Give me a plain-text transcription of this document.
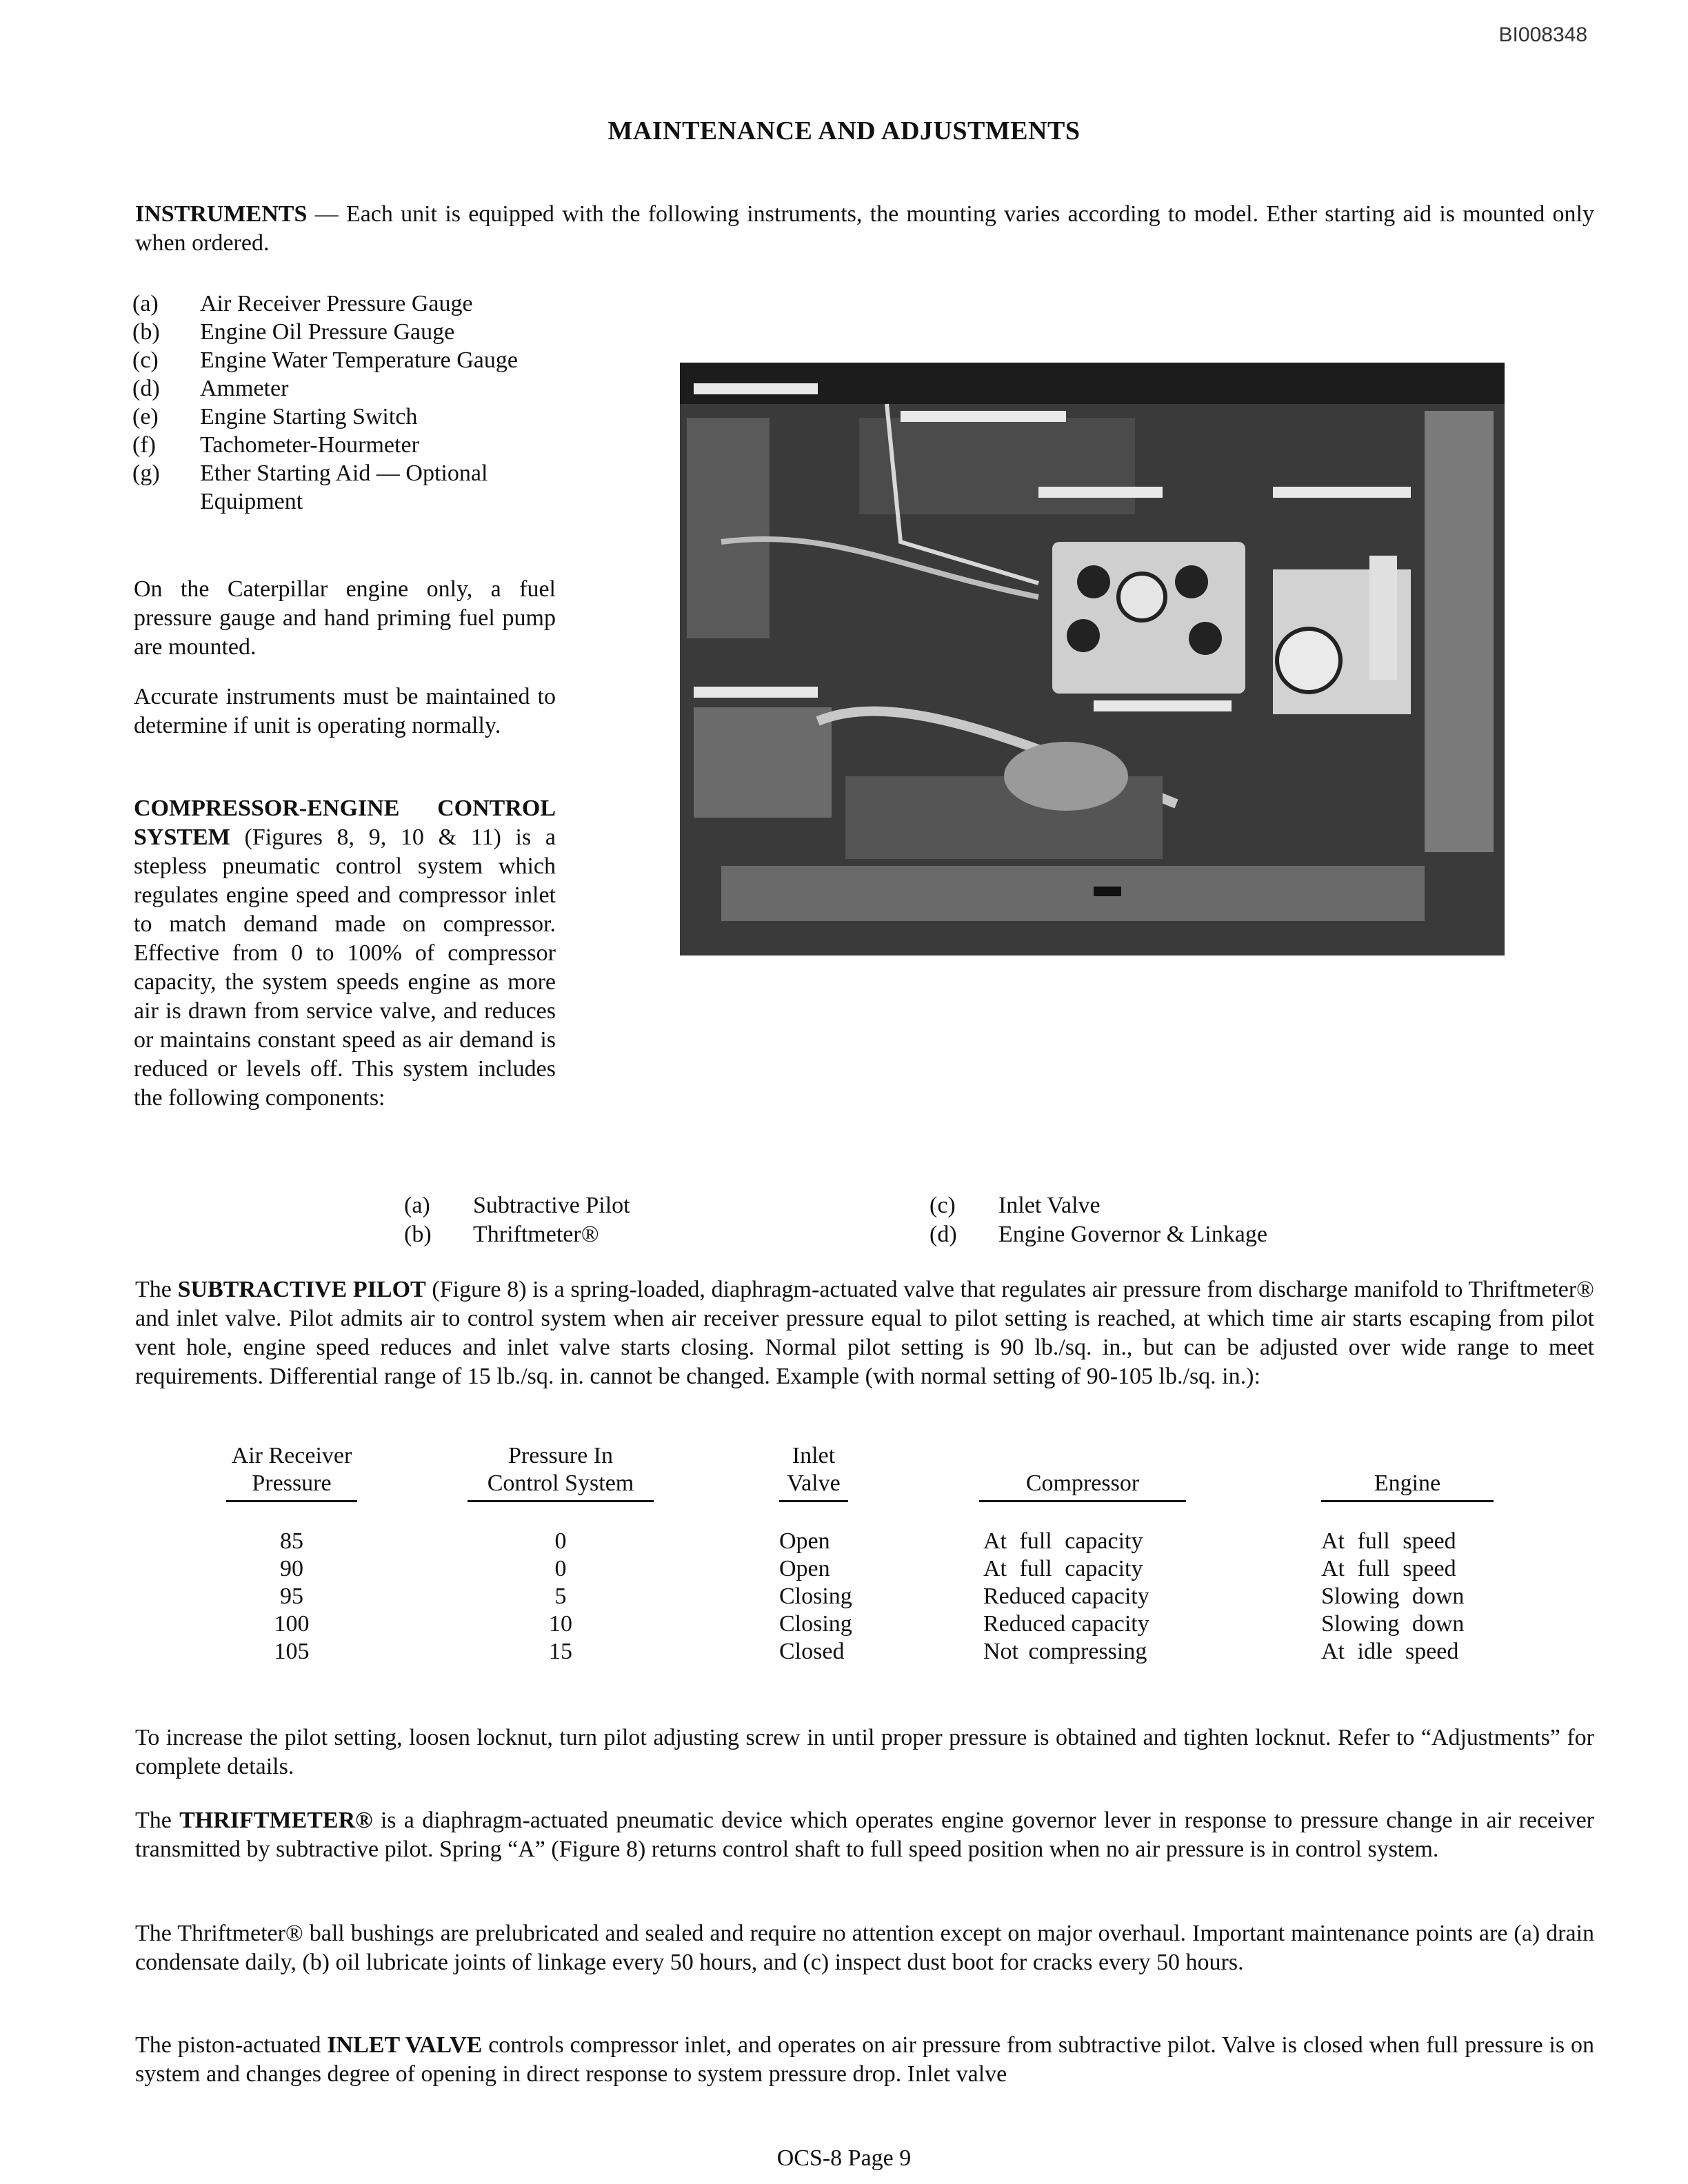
BI008348
MAINTENANCE AND ADJUSTMENTS

INSTRUMENTS — Each unit is equipped with the following instruments, the mounting varies according to model. Ether starting aid is mounted only when ordered.

(a)	Air Receiver Pressure Gauge
(b)	Engine Oil Pressure Gauge
(c)	Engine Water Temperature Gauge
(d)	Ammeter
(e)	Engine Starting Switch
(f)	Tachometer-Hourmeter
(g)	Ether Starting Aid — Optional Equipment

On the Caterpillar engine only, a fuel pressure gauge and hand priming fuel pump are mounted.

Accurate instruments must be maintained to determine if unit is operating normally.

COMPRESSOR-ENGINE CONTROL SYSTEM (Figures 8, 9, 10 & 11) is a stepless pneumatic control system which regulates engine speed and compressor inlet to match demand made on compressor. Effective from 0 to 100% of compressor capacity, the system speeds engine as more air is drawn from service valve, and reduces or maintains constant speed as air demand is reduced or levels off. This system includes the following components:

(a)	Subtractive Pilot
(b)	Thriftmeter®
(c)	Inlet Valve
(d)	Engine Governor & Linkage

The SUBTRACTIVE PILOT (Figure 8) is a spring-loaded, diaphragm-actuated valve that regulates air pressure from discharge manifold to Thriftmeter® and inlet valve. Pilot admits air to control system when air receiver pressure equal to pilot setting is reached, at which time air starts escaping from pilot vent hole, engine speed reduces and inlet valve starts closing. Normal pilot setting is 90 lb./sq. in., but can be adjusted over wide range to meet requirements. Differential range of 15 lb./sq. in. cannot be changed. Example (with normal setting of 90-105 lb./sq. in.):

Air Receiver
Pressure
Pressure In
Control System
Inlet
Valve
	Compressor
	Engine
85	0	Open	At full capacity	At full speed
90	0	Open	At full capacity	At full speed
95	5	Closing	Reduced capacity	Slowing down
100	10	Closing	Reduced capacity	Slowing down
105	15	Closed	Not compressing	At idle speed

To increase the pilot setting, loosen locknut, turn pilot adjusting screw in until proper pressure is obtained and tighten locknut. Refer to “Adjustments” for complete details.

The THRIFTMETER® is a diaphragm-actuated pneumatic device which operates engine governor lever in response to pressure change in air receiver transmitted by subtractive pilot. Spring “A” (Figure 8) returns control shaft to full speed position when no air pressure is in control system.

The Thriftmeter® ball bushings are prelubricated and sealed and require no attention except on major overhaul. Important maintenance points are (a) drain condensate daily, (b) oil lubricate joints of linkage every 50 hours, and (c) inspect dust boot for cracks every 50 hours.

The piston-actuated INLET VALVE controls compressor inlet, and operates on air pressure from subtractive pilot. Valve is closed when full pressure is on system and changes degree of opening in direct response to system pressure drop. Inlet valve

OCS-8 Page 9
